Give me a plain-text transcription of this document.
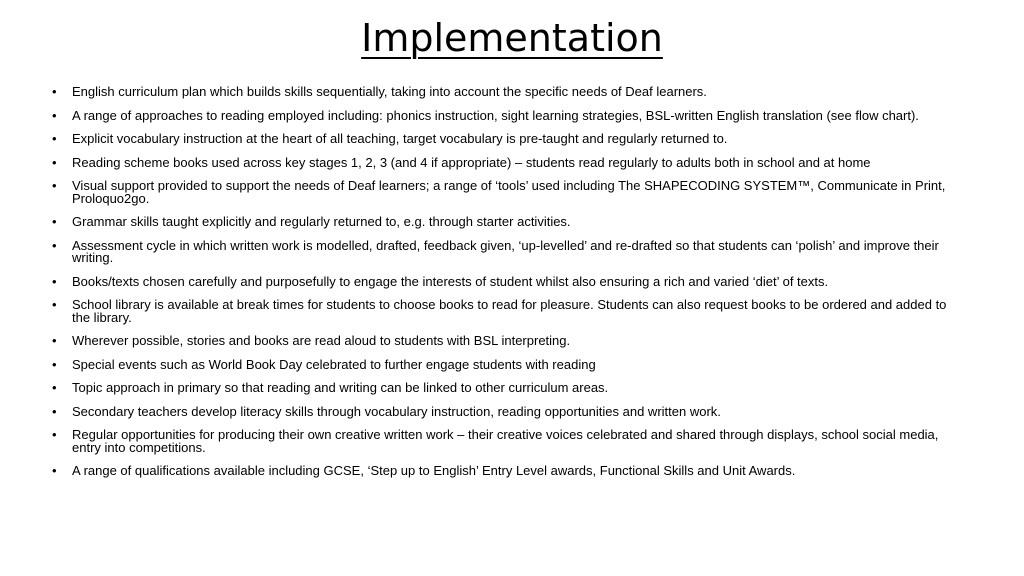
Implementation
• English curriculum plan which builds skills sequentially, taking into account the specific needs of Deaf learners.
• A range of approaches to reading employed including: phonics instruction, sight learning strategies, BSL-written English translation (see flow chart).
• Explicit vocabulary instruction at the heart of all teaching, target vocabulary is pre-taught and regularly returned to.
• Reading scheme books used across key stages 1, 2, 3 (and 4 if appropriate) – students read regularly to adults both in school and at home
• Visual support provided to support the needs of Deaf learners; a range of ‘tools’ used including The SHAPECODING SYSTEM™, Communicate in Print, Proloquo2go.
• Grammar skills taught explicitly and regularly returned to, e.g. through starter activities.
• Assessment cycle in which written work is modelled, drafted, feedback given, ‘up-levelled’ and re-drafted so that students can ‘polish’ and improve their writing.
• Books/texts chosen carefully and purposefully to engage the interests of student whilst also ensuring a rich and varied ‘diet’ of texts.
• School library is available at break times for students to choose books to read for pleasure. Students can also request books to be ordered and added to the library.
• Wherever possible, stories and books are read aloud to students with BSL interpreting.
• Special events such as World Book Day celebrated to further engage students with reading
• Topic approach in primary so that reading and writing can be linked to other curriculum areas.
• Secondary teachers develop literacy skills through vocabulary instruction, reading opportunities and written work.
• Regular opportunities for producing their own creative written work – their creative voices celebrated and shared through displays, school social media, entry into competitions.
• A range of qualifications available including GCSE, ‘Step up to English’ Entry Level awards, Functional Skills and Unit Awards.
